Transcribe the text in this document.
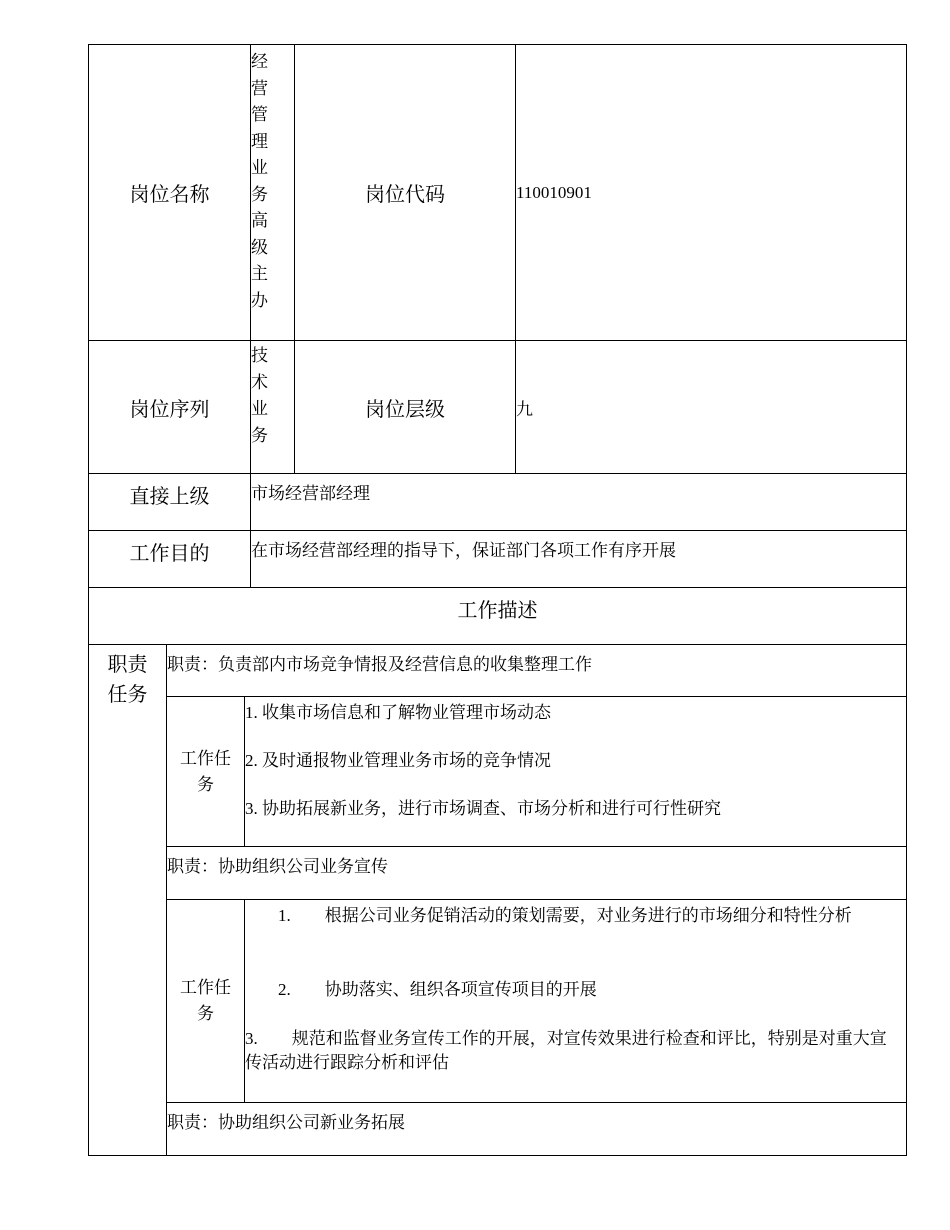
岗位名称
经营管理业务高级主办
岗位代码	110010901
岗位序列
技术业务
岗位层级	九
直接上级 市场经营部经理
工作目的 在市场经营部经理的指导下，保证部门各项工作有序开展
工作描述
职责任务
职责：负责部内市场竞争情报及经营信息的收集整理工作
工作任务
1. 收集市场信息和了解物业管理市场动态
2. 及时通报物业管理业务市场的竞争情况
3. 协助拓展新业务，进行市场调查、市场分析和进行可行性研究
职责：协助组织公司业务宣传
工作任务
1.　　根据公司业务促销活动的策划需要，对业务进行的市场细分和特性分析
2.　　协助落实、组织各项宣传项目的开展
3.　　规范和监督业务宣传工作的开展，对宣传效果进行检查和评比，特别是对重大宣传活动进行跟踪分析和评估
职责：协助组织公司新业务拓展
